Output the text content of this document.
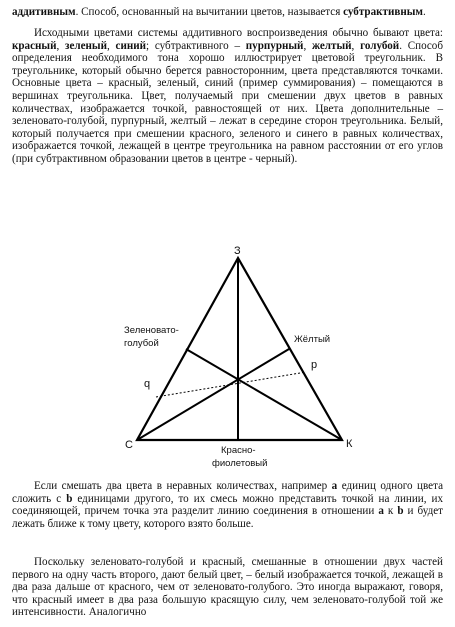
аддитивным. Способ, основанный на вычитании цветов, называется субтрактивным.

Исходными цветами системы аддитивного воспроизведения обычно бывают цвета: красный, зеленый, синий; субтрактивного – пурпурный, желтый, голубой. Способ определения необходимого тона хорошо иллюстрирует цветовой треугольник. В треугольнике, который обычно берется равносторонним, цвета представляются точками. Основные цвета – красный, зеленый, синий (пример суммирования) – помещаются в вершинах треугольника. Цвет, получаемый при смешении двух цветов в равных количествах, изображается точкой, равностоящей от них. Цвета дополнительные – зеленовато-голубой, пурпурный, желтый – лежат в середине сторон треугольника. Белый, который получается при смешении красного, зеленого и синего в равных количествах, изображается точкой, лежащей в центре треугольника на равном расстоянии от его углов (при субтрактивном образовании цветов в центре - черный).

З
С	К
Зеленовато-
голубой	Жёлтый
Красно-
фиолетовый
q
p

Если смешать два цвета в неравных количествах, например a единиц одного цвета сложить с b единицами другого, то их смесь можно представить точкой на линии, их соединяющей, причем точка эта разделит линию соединения в отношении a к b и будет лежать ближе к тому цвету, которого взято больше.

Поскольку зеленовато-голубой и красный, смешанные в отношении двух частей первого на одну часть второго, дают белый цвет, – белый изображается точкой, лежащей в два раза дальше от красного, чем от зеленовато-голубого. Это иногда выражают, говоря, что красный имеет в два раза большую красящую силу, чем зеленовато-голубой той же интенсивности. Аналогично
